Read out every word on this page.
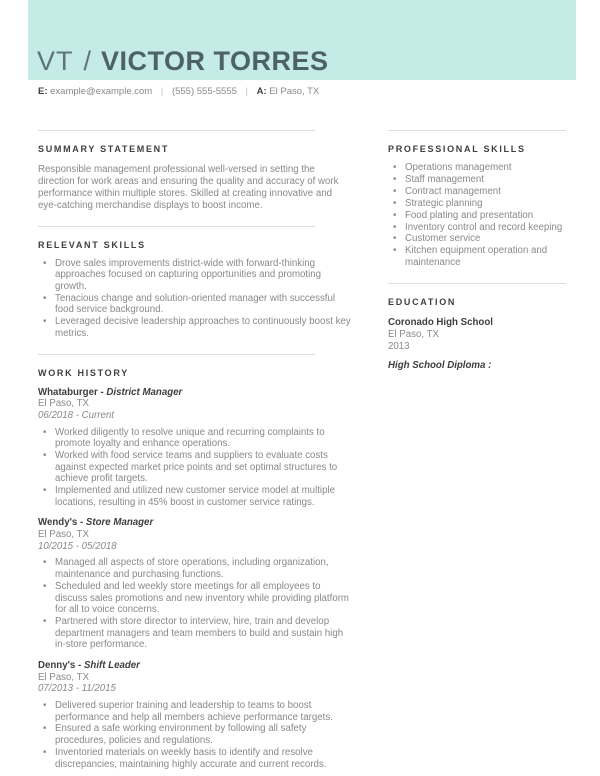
VT / VICTOR TORRES
E: example@example.com | (555) 555-5555 | A: El Paso, TX
SUMMARY STATEMENT

Responsible management professional well-versed in setting the direction for work areas and ensuring the quality and accuracy of work performance within multiple stores. Skilled at creating innovative and eye-catching merchandise displays to boost income.

RELEVANT SKILLS
• Drove sales improvements district-wide with forward-thinking approaches focused on capturing opportunities and promoting growth.
• Tenacious change and solution-oriented manager with successful food service background.
• Leveraged decisive leadership approaches to continuously boost key metrics.
WORK HISTORY
Whataburger - District Manager
El Paso, TX
06/2018 - Current
• Worked diligently to resolve unique and recurring complaints to promote loyalty and enhance operations.
• Worked with food service teams and suppliers to evaluate costs against expected market price points and set optimal structures to achieve profit targets.
• Implemented and utilized new customer service model at multiple locations, resulting in 45% boost in customer service ratings.
Wendy's - Store Manager
El Paso, TX
10/2015 - 05/2018
• Managed all aspects of store operations, including organization, maintenance and purchasing functions.
• Scheduled and led weekly store meetings for all employees to discuss sales promotions and new inventory while providing platform for all to voice concerns.
• Partnered with store director to interview, hire, train and develop department managers and team members to build and sustain high in-store performance.
Denny's - Shift Leader
El Paso, TX
07/2013 - 11/2015
• Delivered superior training and leadership to teams to boost performance and help all members achieve performance targets.
• Ensured a safe working environment by following all safety procedures, policies and regulations.
• Inventoried materials on weekly basis to identify and resolve discrepancies, maintaining highly accurate and current records.
PROFESSIONAL SKILLS
• Operations management
• Staff management
• Contract management
• Strategic planning
• Food plating and presentation
• Inventory control and record keeping
• Customer service
• Kitchen equipment operation and maintenance
EDUCATION
Coronado High School
El Paso, TX
2013
High School Diploma :
